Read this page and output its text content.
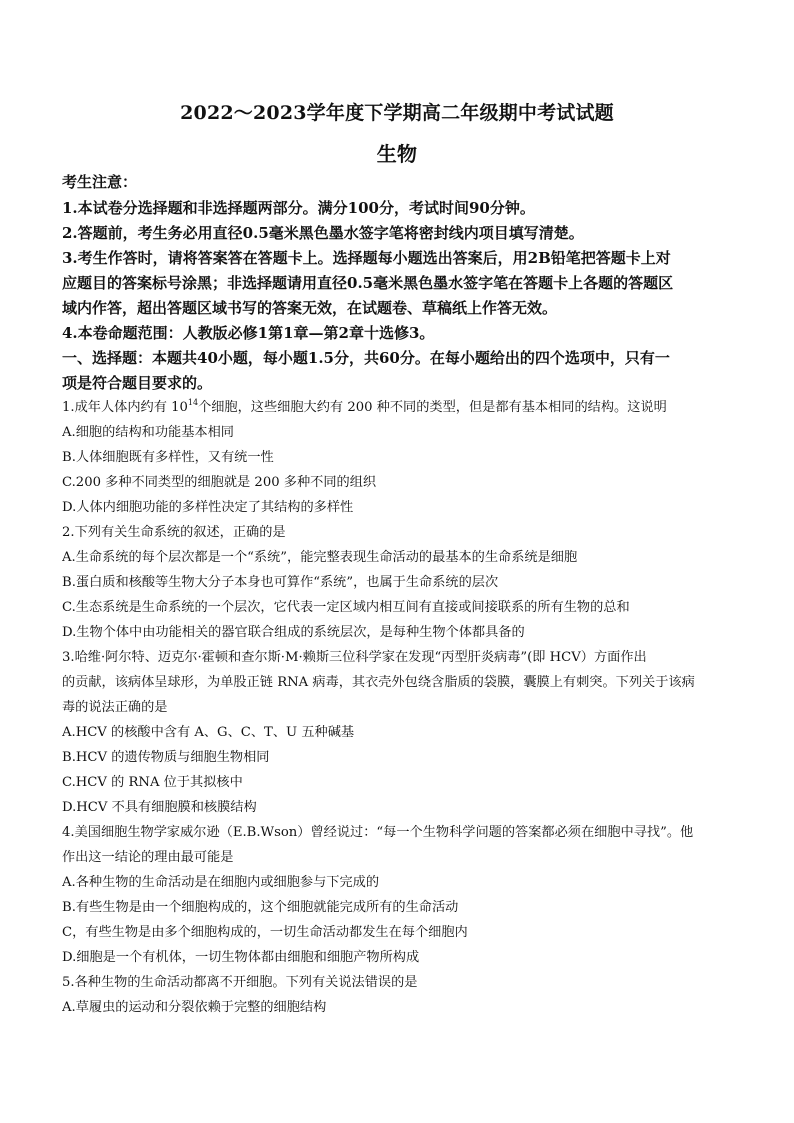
2022～2023学年度下学期高二年级期中考试试题
生物
考生注意：
1.本试卷分选择题和非选择题两部分。满分100分，考试时间90分钟。
2.答题前，考生务必用直径0.5毫米黑色墨水签字笔将密封线内项目填写清楚。
3.考生作答时，请将答案答在答题卡上。选择题每小题选出答案后，用2B铅笔把答题卡上对
应题目的答案标号涂黑；非选择题请用直径0.5毫米黑色墨水签字笔在答题卡上各题的答题区
域内作答，超出答题区域书写的答案无效，在试题卷、草稿纸上作答无效。
4.本卷命题范围：人教版必修1第1章—第2章十选修3。
一、选择题：本题共40小题，每小题1.5分，共60分。在每小题给出的四个选项中，只有一
项是符合题目要求的。
1.成年人体内约有 $10^{14}$个细胞，这些细胞大约有 200 种不同的类型，但是都有基本相同的结构。这说明
A.细胞的结构和功能基本相同
B.人体细胞既有多样性，又有统一性
C.200 多种不同类型的细胞就是 200 多种不同的组织
D.人体内细胞功能的多样性决定了其结构的多样性
2.下列有关生命系统的叙述，正确的是
A.生命系统的每个层次都是一个“系统”，能完整表现生命活动的最基本的生命系统是细胞
B.蛋白质和核酸等生物大分子本身也可算作“系统”，也属于生命系统的层次
C.生态系统是生命系统的一个层次，它代表一定区域内相互间有直接或间接联系的所有生物的总和
D.生物个体中由功能相关的器官联合组成的系统层次，是每种生物个体都具备的
3.哈维·阿尔特、迈克尔·霍顿和查尔斯·M·赖斯三位科学家在发现“丙型肝炎病毒”(即 HCV）方面作出
的贡献，该病体呈球形，为单股正链 RNA 病毒，其衣壳外包绕含脂质的袋膜，囊膜上有刺突。下列关于该病
毒的说法正确的是
A.HCV 的核酸中含有 A、G、C、T、U 五种碱基
B.HCV 的遗传物质与细胞生物相同
C.HCV 的 RNA 位于其拟核中
D.HCV 不具有细胞膜和核膜结构
4.美国细胞生物学家威尔逊（E.B.Wson）曾经说过：“每一个生物科学问题的答案都必须在细胞中寻找”。他
作出这一结论的理由最可能是
A.各种生物的生命活动是在细胞内或细胞参与下完成的
B.有些生物是由一个细胞构成的，这个细胞就能完成所有的生命活动
C，有些生物是由多个细胞构成的，一切生命活动都发生在每个细胞内
D.细胞是一个有机体，一切生物体都由细胞和细胞产物所构成
5.各种生物的生命活动都离不开细胞。下列有关说法错误的是
A.草履虫的运动和分裂依赖于完整的细胞结构
